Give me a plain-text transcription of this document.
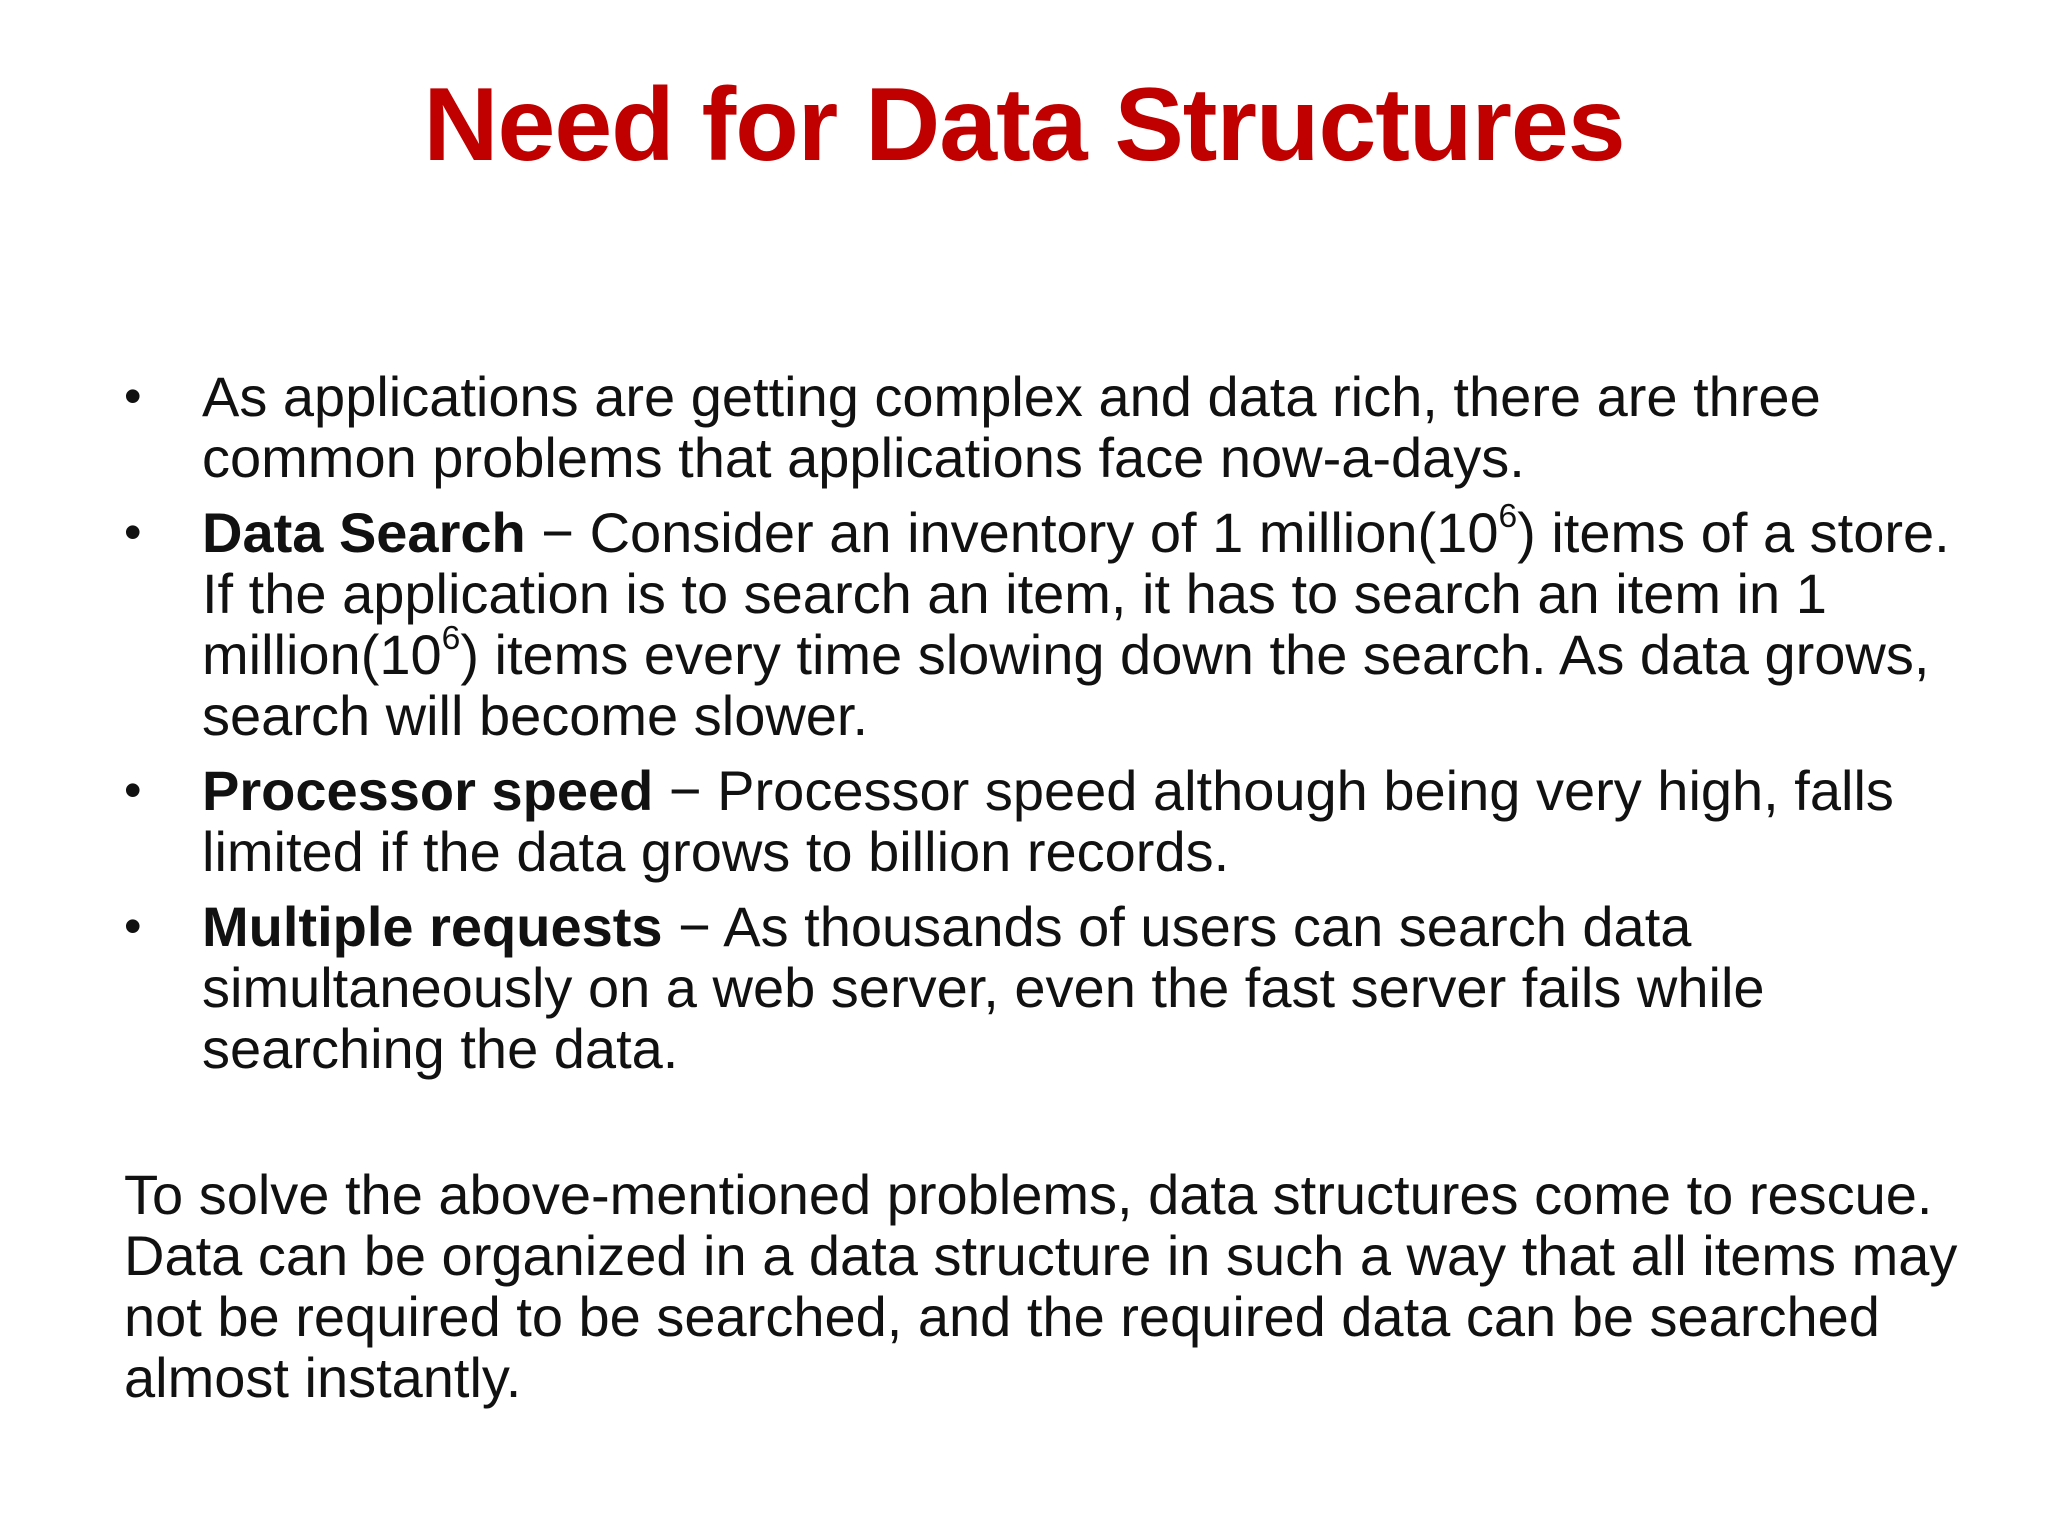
Need for Data Structures
•	As applications are getting complex and data rich, there are three common problems that applications face now-a-days.
•	Data Search − Consider an inventory of 1 $million(10^6)$ items of a store. If the application is to search an item, it has to search an item in 1 $million(10^6)$ items every time slowing down the search. As data grows, search will become slower.
•	Processor speed − Processor speed although being very high, falls limited if the data grows to billion records.
•	Multiple requests − As thousands of users can search data simultaneously on a web server, even the fast server fails while searching the data.

To solve the above-mentioned problems, data structures come to rescue. Data can be organized in a data structure in such a way that all items may not be required to be searched, and the required data can be searched almost instantly.
